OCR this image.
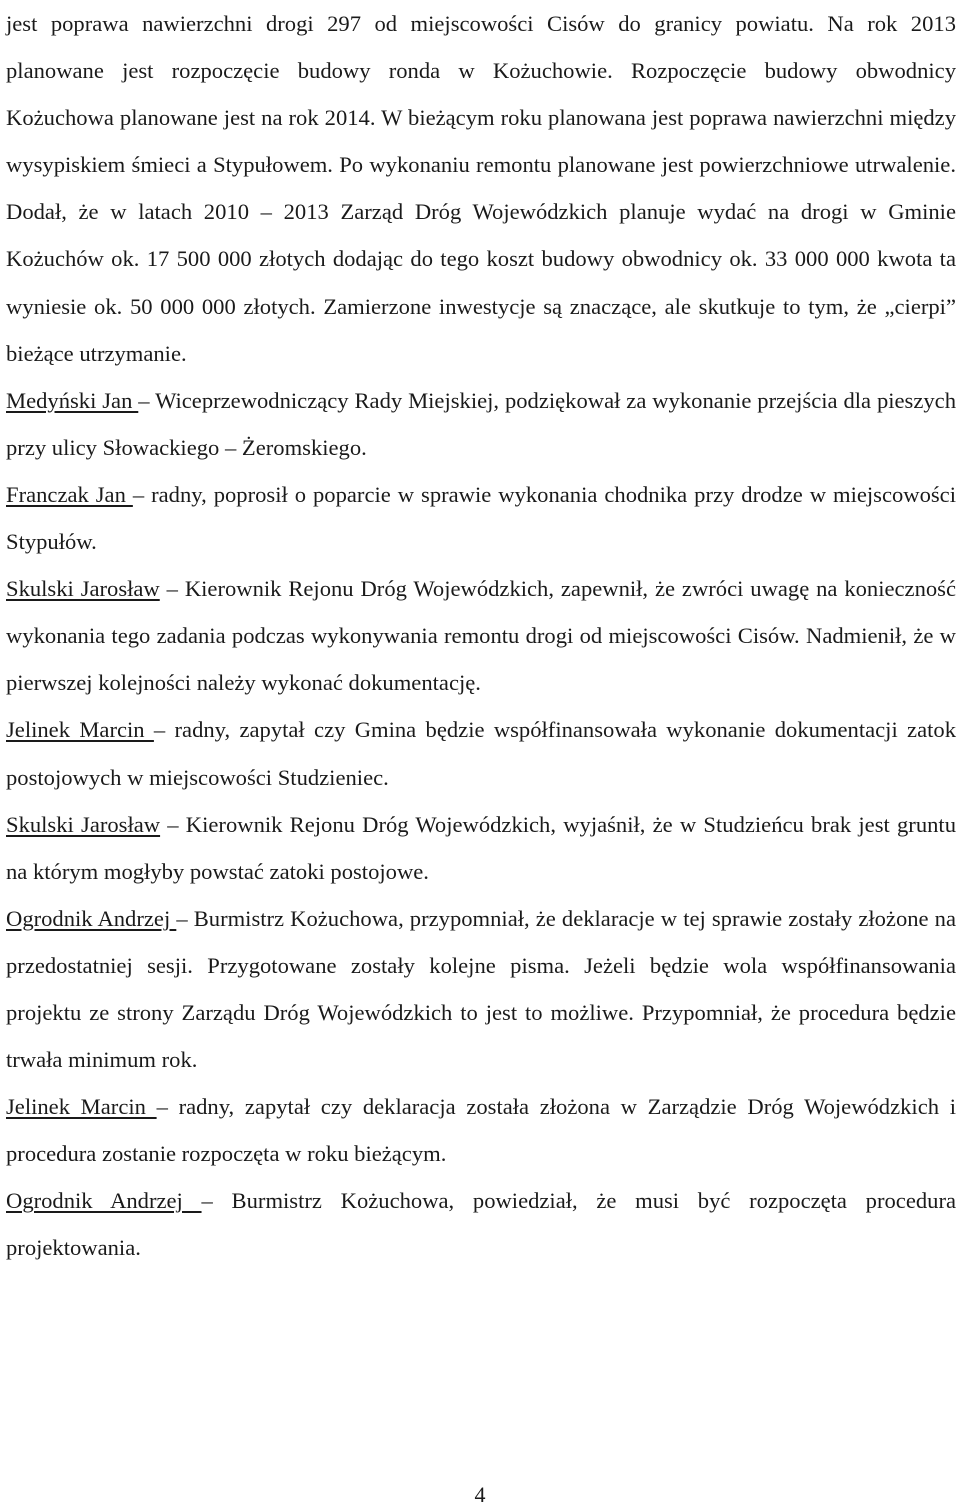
jest poprawa nawierzchni drogi 297 od miejscowości Cisów do granicy powiatu. Na rok 2013 planowane jest rozpoczęcie budowy ronda w Kożuchowie. Rozpoczęcie budowy obwodnicy Kożuchowa planowane jest na rok 2014. W bieżącym roku planowana jest poprawa nawierzchni między wysypiskiem śmieci a Stypułowem. Po wykonaniu remontu planowane jest powierzchniowe utrwalenie. Dodał, że w latach 2010 – 2013 Zarząd Dróg Wojewódzkich planuje wydać na drogi w Gminie Kożuchów ok. 17 500 000 złotych dodając do tego koszt budowy obwodnicy ok. 33 000 000 kwota ta wyniesie ok. 50 000 000 złotych. Zamierzone inwestycje są znaczące, ale skutkuje to tym, że „cierpi” bieżące utrzymanie.

Medyński Jan – Wiceprzewodniczący Rady Miejskiej, podziękował za wykonanie przejścia dla pieszych przy ulicy Słowackiego – Żeromskiego.

Franczak Jan – radny, poprosił o poparcie w sprawie wykonania chodnika przy drodze w miejscowości Stypułów.

Skulski Jarosław – Kierownik Rejonu Dróg Wojewódzkich, zapewnił, że zwróci uwagę na konieczność wykonania tego zadania podczas wykonywania remontu drogi od miejscowości Cisów. Nadmienił, że w pierwszej kolejności należy wykonać dokumentację.

Jelinek Marcin – radny, zapytał czy Gmina będzie współfinansowała wykonanie dokumentacji zatok postojowych w miejscowości Studzieniec.

Skulski Jarosław – Kierownik Rejonu Dróg Wojewódzkich, wyjaśnił, że w Studzieńcu brak jest gruntu na którym mogłyby powstać zatoki postojowe.

Ogrodnik Andrzej – Burmistrz Kożuchowa, przypomniał, że deklaracje w tej sprawie zostały złożone na przedostatniej sesji. Przygotowane zostały kolejne pisma. Jeżeli będzie wola współfinansowania projektu ze strony Zarządu Dróg Wojewódzkich to jest to możliwe. Przypomniał, że procedura będzie trwała minimum rok.

Jelinek Marcin – radny, zapytał czy deklaracja została złożona w Zarządzie Dróg Wojewódzkich i procedura zostanie rozpoczęta w roku bieżącym.

Ogrodnik Andrzej – Burmistrz Kożuchowa, powiedział, że musi być rozpoczęta procedura projektowania.

4
